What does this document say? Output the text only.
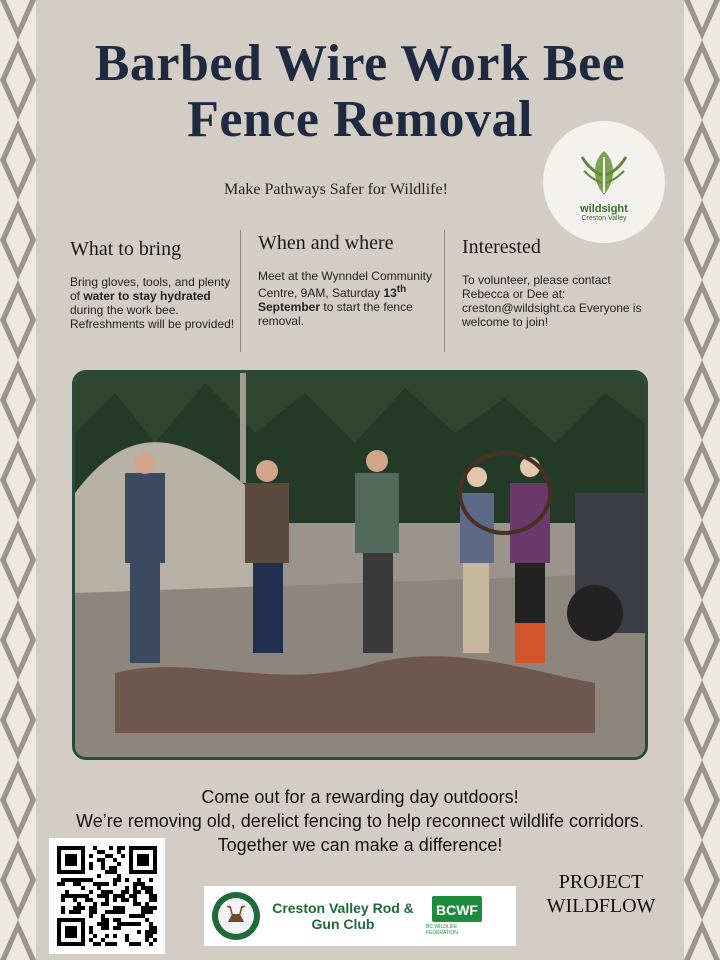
Barbed Wire Work Bee
Fence Removal
Make Pathways Safer for Wildlife!
wildsight
Creston Valley
What to bring

Bring gloves, tools, and plenty of water to stay hydrated during the work bee. Refreshments will be provided!

When and where

Meet at the Wynndel Community Centre, 9AM, Saturday 13th September to start the fence removal.

Interested

To volunteer, please contact Rebecca or Dee at: creston@wildsight.ca Everyone is welcome to join!

Come out for a rewarding day outdoors!
We’re removing old, derelict fencing to help reconnect wildlife corridors.
Together we can make a difference!
Creston Valley Rod & Gun Club
BCWF
BC WILDLIFE FEDERATION
PROJECT WILDFLOW
